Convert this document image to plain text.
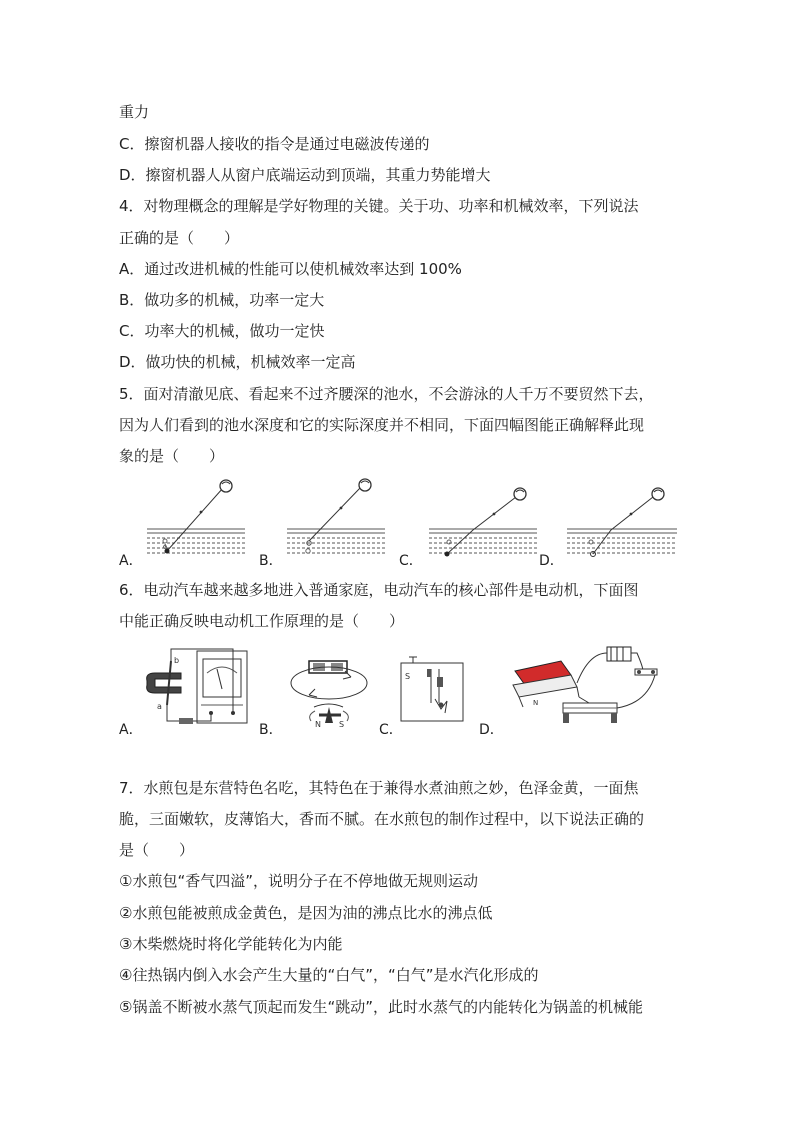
重力
C．擦窗机器人接收的指令是通过电磁波传递的
D．擦窗机器人从窗户底端运动到顶端，其重力势能增大
4．对物理概念的理解是学好物理的关键。关于功、功率和机械效率，下列说法
正确的是（　　）
A．通过改进机械的性能可以使机械效率达到 100%
B．做功多的机械，功率一定大
C．功率大的机械，做功一定快
D．做功快的机械，机械效率一定高
5．面对清澈见底、看起来不过齐腰深的池水，不会游泳的人千万不要贸然下去，
因为人们看到的池水深度和它的实际深度并不相同，下面四幅图能正确解释此现
象的是（　　）
A．	B．	C．	D．
6．电动汽车越来越多地进入普通家庭，电动汽车的核心部件是电动机，下面图
中能正确反映电动机工作原理的是（　　）
b
a
A．	N S
B．
S
C．
N
D．
7．水煎包是东营特色名吃，其特色在于兼得水煮油煎之妙，色泽金黄，一面焦
脆，三面嫩软，皮薄馅大，香而不腻。在水煎包的制作过程中，以下说法正确的
是（　　）
①水煎包“香气四溢”，说明分子在不停地做无规则运动
②水煎包能被煎成金黄色，是因为油的沸点比水的沸点低
③木柴燃烧时将化学能转化为内能
④往热锅内倒入水会产生大量的“白气”，“白气”是水汽化形成的
⑤锅盖不断被水蒸气顶起而发生“跳动”，此时水蒸气的内能转化为锅盖的机械能
